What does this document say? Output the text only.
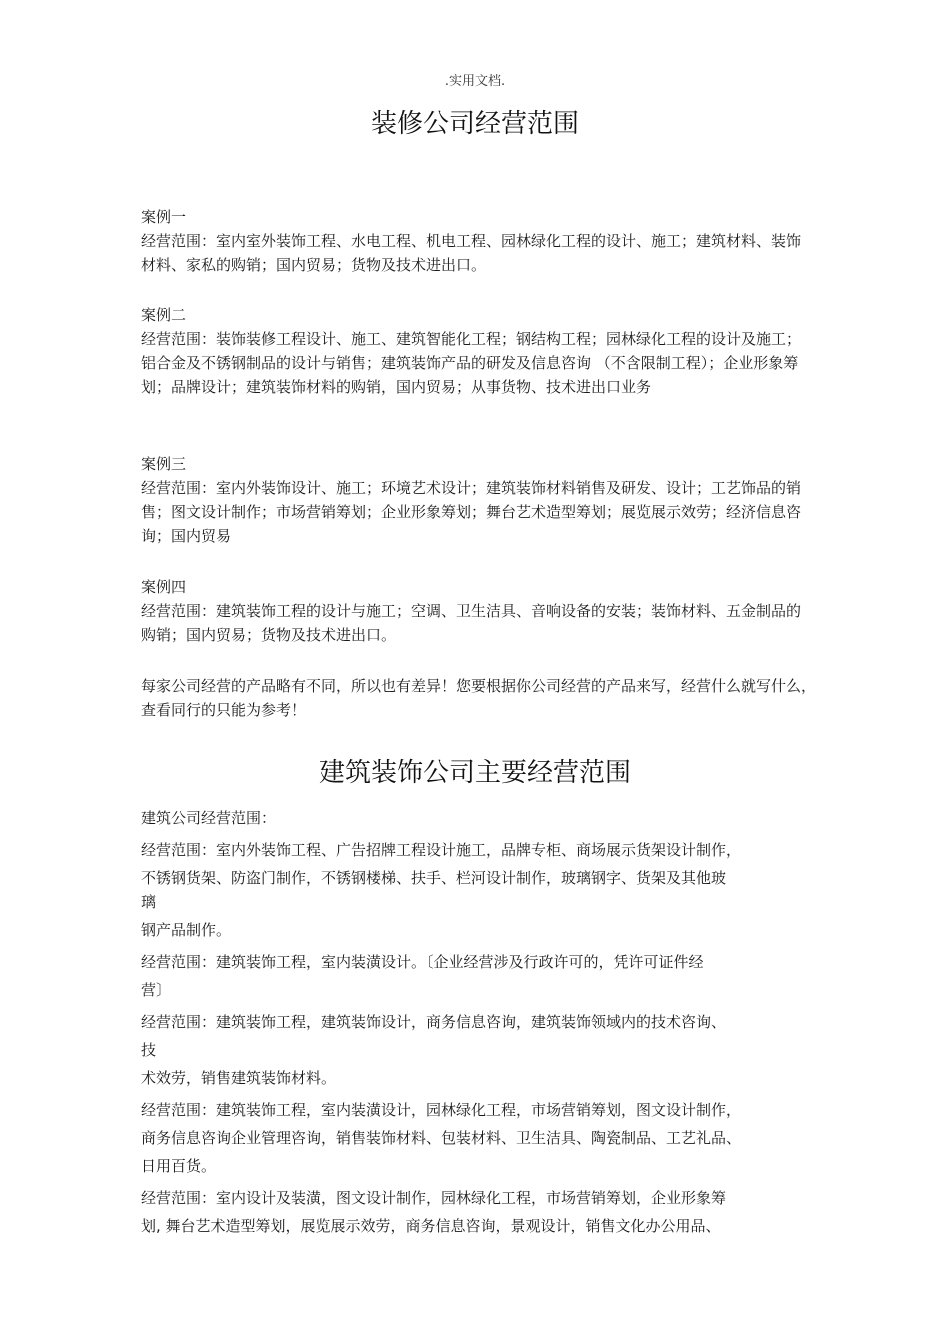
.实用文档.
装修公司经营范围

案例一

经营范围：室内室外装饰工程、水电工程、机电工程、园林绿化工程的设计、施工；建筑材料、装饰材料、家私的购销；国内贸易；货物及技术进出口。

案例二

经营范围：装饰装修工程设计、施工、建筑智能化工程；钢结构工程；园林绿化工程的设计及施工；铝合金及不锈钢制品的设计与销售；建筑装饰产品的研发及信息咨询 （不含限制工程）；企业形象筹划；品牌设计；建筑装饰材料的购销，国内贸易；从事货物、技术进出口业务

案例三

经营范围：室内外装饰设计、施工；环境艺术设计；建筑装饰材料销售及研发、设计；工艺饰品的销售；图文设计制作；市场营销筹划；企业形象筹划；舞台艺术造型筹划；展览展示效劳；经济信息咨询；国内贸易

案例四

经营范围：建筑装饰工程的设计与施工；空调、卫生洁具、音响设备的安装；装饰材料、五金制品的购销；国内贸易；货物及技术进出口。

每家公司经营的产品略有不同，所以也有差异！您要根据你公司经营的产品来写，经营什么就写什么，查看同行的只能为参考！

建筑装饰公司主要经营范围

建筑公司经营范围：

经营范围：室内外装饰工程、广告招牌工程设计施工，品牌专柜、商场展示货架设计制作，

不锈钢货架、防盗门制作，不锈钢楼梯、扶手、栏河设计制作，玻璃钢字、货架及其他玻

璃

钢产品制作。

经营范围：建筑装饰工程，室内装潢设计。〔企业经营涉及行政许可的，凭许可证件经

营〕

经营范围：建筑装饰工程，建筑装饰设计，商务信息咨询，建筑装饰领域内的技术咨询、

技

术效劳，销售建筑装饰材料。

经营范围：建筑装饰工程，室内装潢设计，园林绿化工程，市场营销筹划，图文设计制作，

商务信息咨询企业管理咨询，销售装饰材料、包装材料、卫生洁具、陶瓷制品、工艺礼品、

日用百货。

经营范围：室内设计及装潢，图文设计制作，园林绿化工程，市场营销筹划，企业形象筹

划, 舞台艺术造型筹划，展览展示效劳，商务信息咨询，景观设计，销售文化办公用品、
